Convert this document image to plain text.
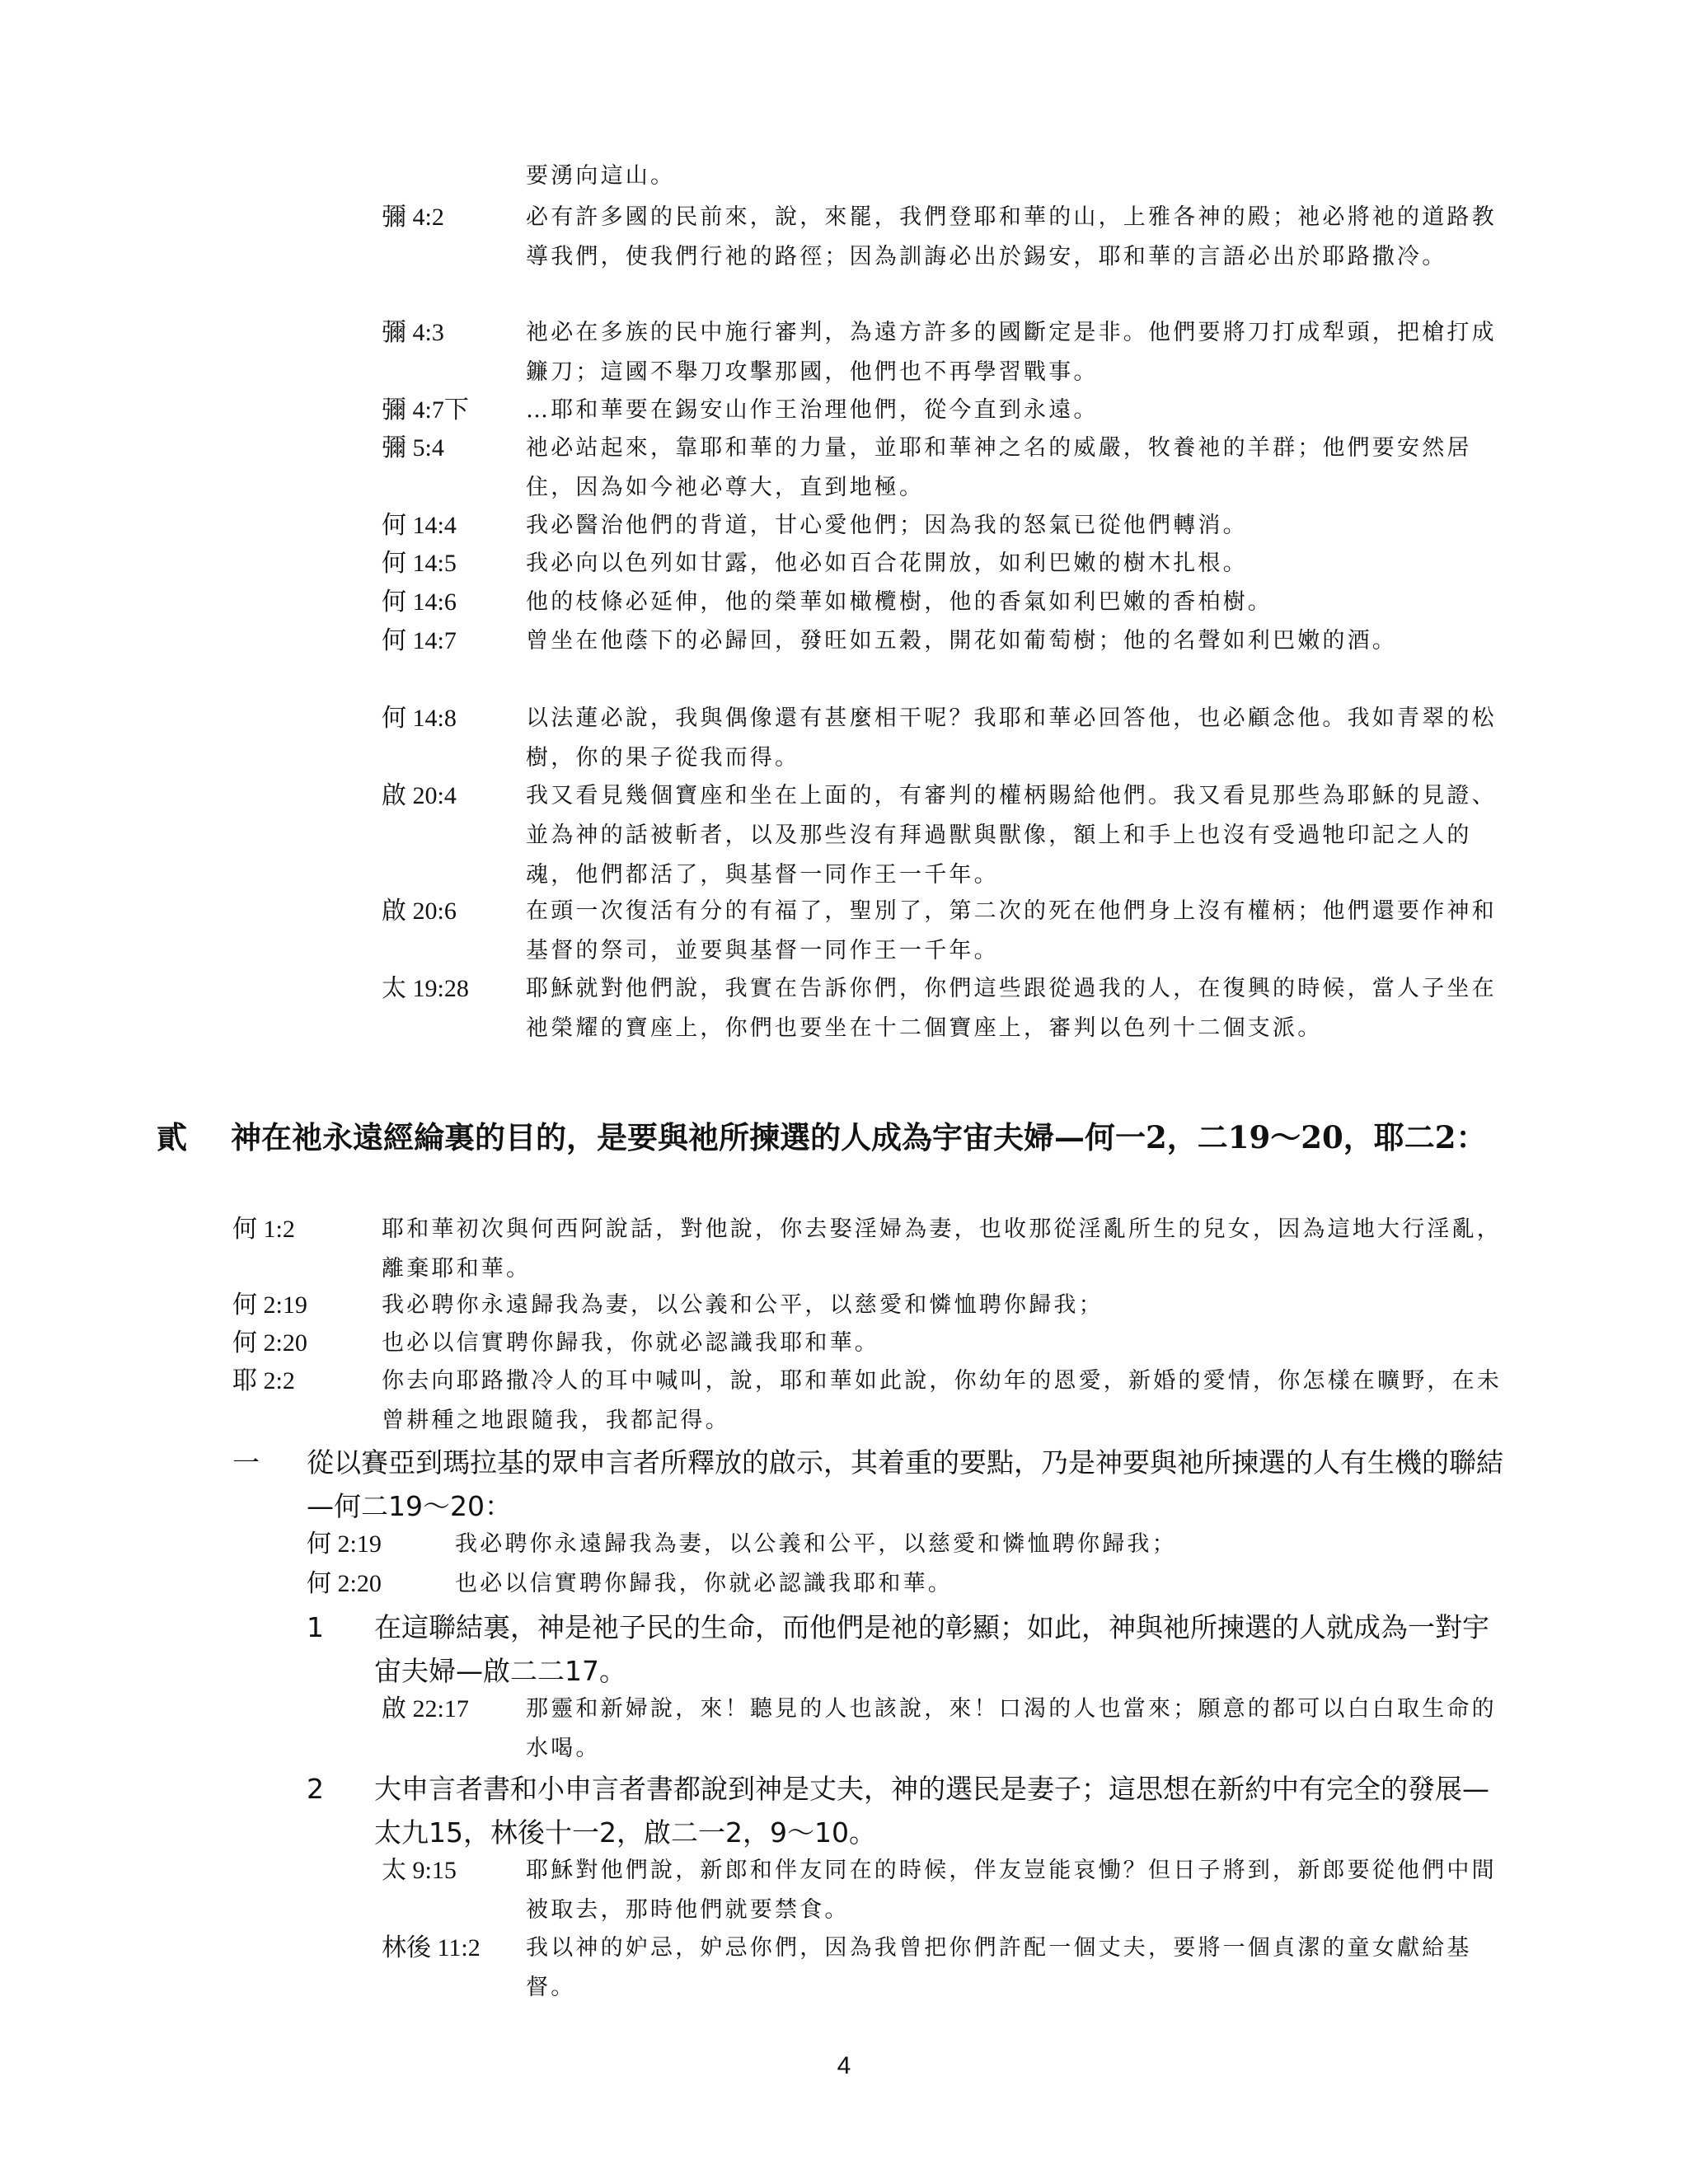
要湧向這山。
彌 4:2	必有許多國的民前來，說，來罷，我們登耶和華的山，上雅各神的殿；祂必將祂的道路教導我們，使我們行祂的路徑；因為訓誨必出於錫安，耶和華的言語必出於耶路撒冷。
彌 4:3	祂必在多族的民中施行審判，為遠方許多的國斷定是非。他們要將刀打成犁頭，把槍打成鐮刀；這國不舉刀攻擊那國，他們也不再學習戰事。
彌 4:7下	…耶和華要在錫安山作王治理他們，從今直到永遠。
彌 5:4	祂必站起來，靠耶和華的力量，並耶和華神之名的威嚴，牧養祂的羊群；他們要安然居住，因為如今祂必尊大，直到地極。
何 14:4	我必醫治他們的背道，甘心愛他們；因為我的怒氣已從他們轉消。
何 14:5	我必向以色列如甘露，他必如百合花開放，如利巴嫩的樹木扎根。
何 14:6	他的枝條必延伸，他的榮華如橄欖樹，他的香氣如利巴嫩的香柏樹。
何 14:7	曾坐在他蔭下的必歸回，發旺如五穀，開花如葡萄樹；他的名聲如利巴嫩的酒。
何 14:8	以法蓮必說，我與偶像還有甚麼相干呢？我耶和華必回答他，也必顧念他。我如青翠的松樹，你的果子從我而得。
啟 20:4	我又看見幾個寶座和坐在上面的，有審判的權柄賜給他們。我又看見那些為耶穌的見證、並為神的話被斬者，以及那些沒有拜過獸與獸像，額上和手上也沒有受過牠印記之人的魂，他們都活了，與基督一同作王一千年。
啟 20:6	在頭一次復活有分的有福了，聖別了，第二次的死在他們身上沒有權柄；他們還要作神和基督的祭司，並要與基督一同作王一千年。
太 19:28	耶穌就對他們說，我實在告訴你們，你們這些跟從過我的人，在復興的時候，當人子坐在祂榮耀的寶座上，你們也要坐在十二個寶座上，審判以色列十二個支派。
貳 神在祂永遠經綸裏的目的，是要與祂所揀選的人成為宇宙夫婦—何一2，二19～20，耶二2：
何 1:2	耶和華初次與何西阿說話，對他說，你去娶淫婦為妻，也收那從淫亂所生的兒女，因為這地大行淫亂，離棄耶和華。
何 2:19	我必聘你永遠歸我為妻，以公義和公平，以慈愛和憐恤聘你歸我；
何 2:20	也必以信實聘你歸我，你就必認識我耶和華。
耶 2:2	你去向耶路撒冷人的耳中喊叫，說，耶和華如此說，你幼年的恩愛，新婚的愛情，你怎樣在曠野，在未曾耕種之地跟隨我，我都記得。
一 從以賽亞到瑪拉基的眾申言者所釋放的啟示，其着重的要點，乃是神要與祂所揀選的人有生機的聯結—何二19～20：
何 2:19	我必聘你永遠歸我為妻，以公義和公平，以慈愛和憐恤聘你歸我；
何 2:20	也必以信實聘你歸我，你就必認識我耶和華。
1 在這聯結裏，神是祂子民的生命，而他們是祂的彰顯；如此，神與祂所揀選的人就成為一對宇宙夫婦—啟二二17。
啟 22:17	那靈和新婦說，來！聽見的人也該說，來！口渴的人也當來；願意的都可以白白取生命的水喝。
2 大申言者書和小申言者書都說到神是丈夫，神的選民是妻子；這思想在新約中有完全的發展—太九15，林後十一2，啟二一2，9～10。
太 9:15	耶穌對他們說，新郎和伴友同在的時候，伴友豈能哀慟？但日子將到，新郎要從他們中間被取去，那時他們就要禁食。
林後 11:2 我以神的妒忌，妒忌你們，因為我曾把你們許配一個丈夫，要將一個貞潔的童女獻給基督。
4
